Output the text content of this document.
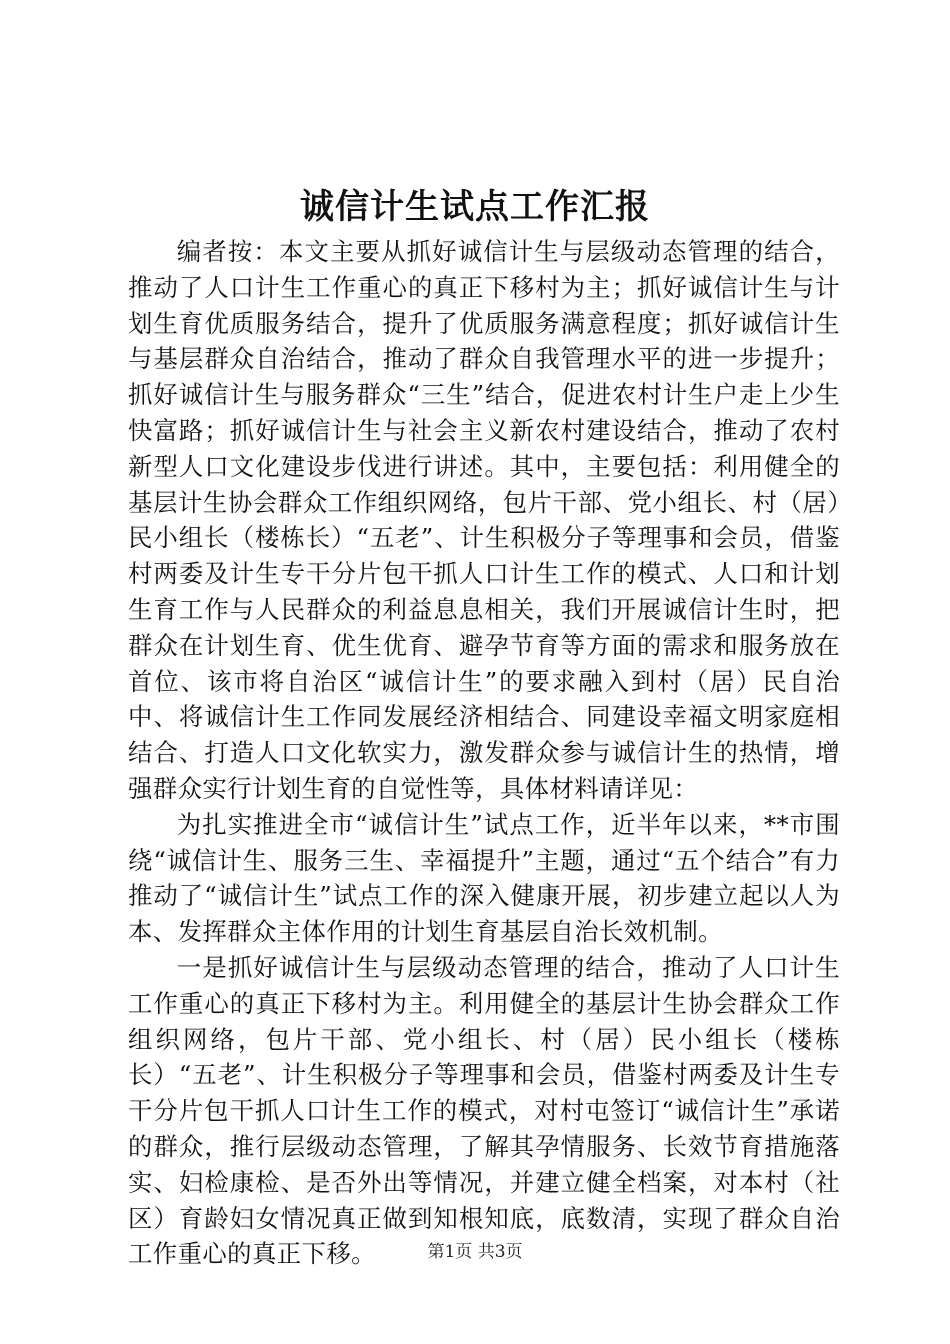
诚信计生试点工作汇报

编者按：本文主要从抓好诚信计生与层级动态管理的结合，推动了人口计生工作重心的真正下移村为主；抓好诚信计生与计划生育优质服务结合，提升了优质服务满意程度；抓好诚信计生与基层群众自治结合，推动了群众自我管理水平的进一步提升；抓好诚信计生与服务群众“三生”结合，促进农村计生户走上少生快富路；抓好诚信计生与社会主义新农村建设结合，推动了农村新型人口文化建设步伐进行讲述。其中，主要包括：利用健全的基层计生协会群众工作组织网络，包片干部、党小组长、村（居）民小组长（楼栋长）“五老”、计生积极分子等理事和会员，借鉴村两委及计生专干分片包干抓人口计生工作的模式、人口和计划生育工作与人民群众的利益息息相关，我们开展诚信计生时，把群众在计划生育、优生优育、避孕节育等方面的需求和服务放在首位、该市将自治区“诚信计生”的要求融入到村（居）民自治中、将诚信计生工作同发展经济相结合、同建设幸福文明家庭相结合、打造人口文化软实力，激发群众参与诚信计生的热情，增强群众实行计划生育的自觉性等，具体材料请详见：

为扎实推进全市“诚信计生”试点工作，近半年以来，**市围绕“诚信计生、服务三生、幸福提升”主题，通过“五个结合”有力推动了“诚信计生”试点工作的深入健康开展，初步建立起以人为本、发挥群众主体作用的计划生育基层自治长效机制。

一是抓好诚信计生与层级动态管理的结合，推动了人口计生工作重心的真正下移村为主。利用健全的基层计生协会群众工作组织网络，包片干部、党小组长、村（居）民小组长（楼栋长）“五老”、计生积极分子等理事和会员，借鉴村两委及计生专干分片包干抓人口计生工作的模式，对村屯签订“诚信计生”承诺的群众，推行层级动态管理，了解其孕情服务、长效节育措施落实、妇检康检、是否外出等情况，并建立健全档案，对本村（社区）育龄妇女情况真正做到知根知底，底数清，实现了群众自治工作重心的真正下移。	第1页 共3页
